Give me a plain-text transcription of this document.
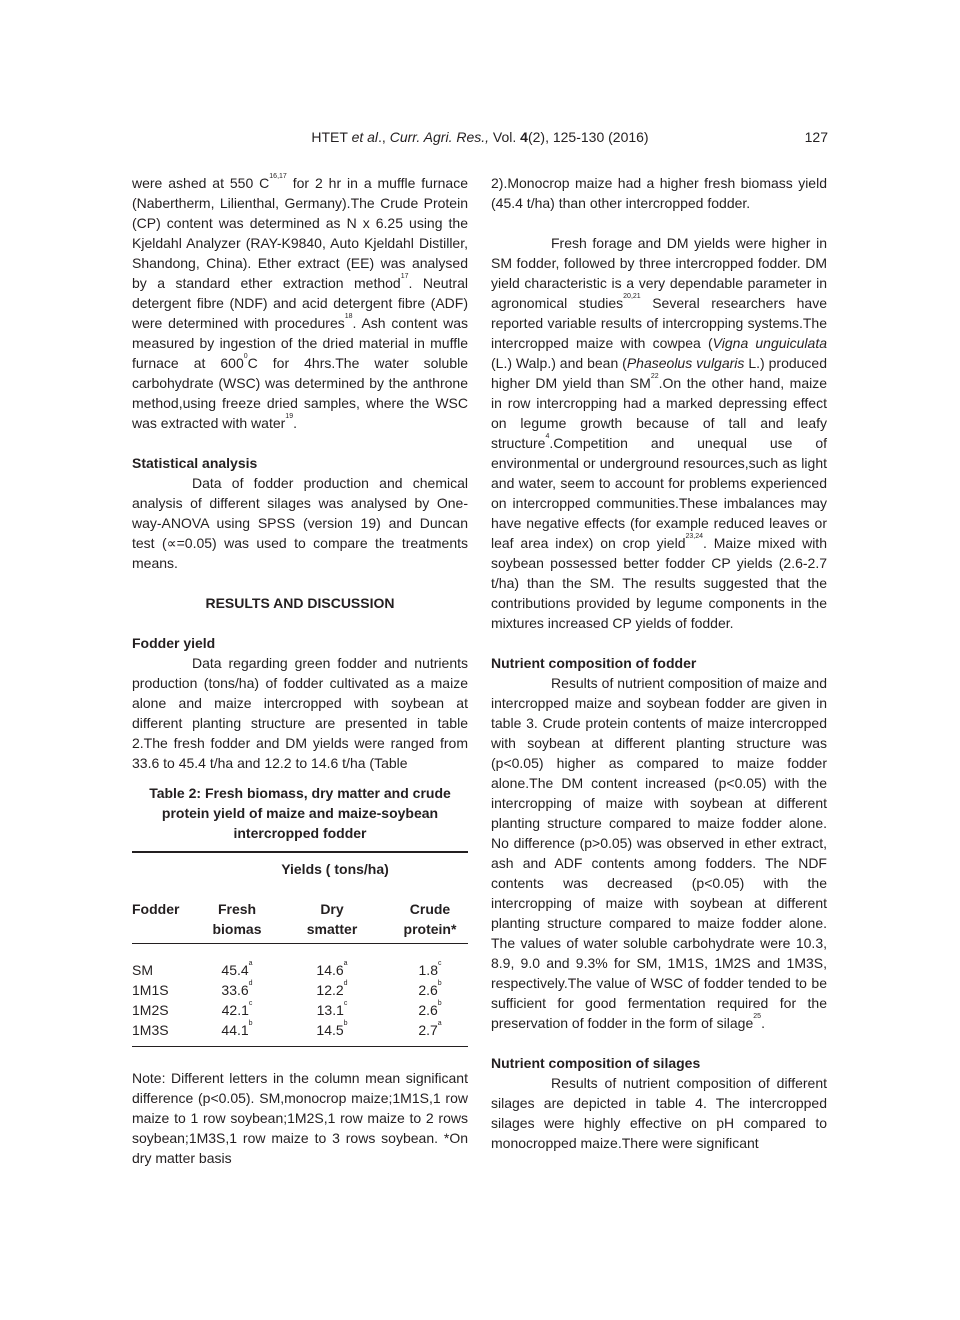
HTET et al., Curr. Agri. Res., Vol. 4(2), 125-130 (2016)	127

were ashed at 550 C$^{16,17}$ for 2 hr in a muffle furnace (Nabertherm, Lilienthal, Germany).The Crude Protein (CP) content was determined as N x 6.25 using the Kjeldahl Analyzer (RAY-K9840, Auto Kjeldahl Distiller, Shandong, China). Ether extract (EE) was analysed by a standard ether extraction method$^{17}$. Neutral detergent fibre (NDF) and acid detergent fibre (ADF) were determined with procedures$^{18}$. Ash content was measured by ingestion of the dried material in muffle furnace at $600^0C$ for 4hrs.The water soluble carbohydrate (WSC) was determined by the anthrone method,using freeze dried samples, where the WSC was extracted with water$^{19}$.

Statistical analysis

Data of fodder production and chemical analysis of different silages was analysed by One-way-ANOVA using SPSS (version 19) and Duncan test (∝=0.05) was used to compare the treatments means.

RESULTS AND DISCUSSION

Fodder yield

Data regarding green fodder and nutrients production (tons/ha) of fodder cultivated as a maize alone and maize intercropped with soybean at different planting structure are presented in table 2.The fresh fodder and DM yields were ranged from 33.6 to 45.4 t/ha and 12.2 to 14.6 t/ha (Table

Table 2: Fresh biomass, dry matter and crude protein yield of maize and maize-soybean intercropped fodder

	Yields ( tons/ha)		

Fodder	Fresh	Dry	Crude
	biomas	smatter	protein*

SM	45.4$^a$	14.6$^a$	1.8$^c$
1M1S	33.6$^d$	12.2$^d$	2.6$^b$
1M2S	42.1$^c$	13.1$^c$	2.6$^b$
1M3S	44.1$^b$	14.5$^b$	2.7$^a$

Note: Different letters in the column mean significant difference (p<0.05). SM,monocrop maize;1M1S,1 row maize to 1 row soybean;1M2S,1 row maize to 2 rows soybean;1M3S,1 row maize to 3 rows soybean. *On dry matter basis

2).Monocrop maize had a higher fresh biomass yield (45.4 t/ha) than other intercropped fodder.

Fresh forage and DM yields were higher in SM fodder, followed by three intercropped fodder. DM yield characteristic is a very dependable parameter in agronomical studies$^{20,21}$ Several researchers have reported variable results of intercropping systems.The intercropped maize with cowpea (Vigna unguiculata (L.) Walp.) and bean (Phaseolus vulgaris L.) produced higher DM yield than SM$^{22}$.On the other hand, maize in row intercropping had a marked depressing effect on legume growth because of tall and leafy structure$^4$.Competition and unequal use of environmental or underground resources,such as light and water, seem to account for problems experienced on intercropped communities.These imbalances may have negative effects (for example reduced leaves or leaf area index) on crop yield$^{23,24}$. Maize mixed with soybean possessed better fodder CP yields (2.6-2.7 t/ha) than the SM. The results suggested that the contributions provided by legume components in the mixtures increased CP yields of fodder.

Nutrient composition of fodder

Results of nutrient composition of maize and intercropped maize and soybean fodder are given in table 3. Crude protein contents of maize intercropped with soybean at different planting structure was (p<0.05) higher as compared to maize fodder alone.The DM content increased (p<0.05) with the intercropping of maize with soybean at different planting structure compared to maize fodder alone. No difference (p>0.05) was observed in ether extract, ash and ADF contents among fodders. The NDF contents was decreased (p<0.05) with the intercropping of maize with soybean at different planting structure compared to maize fodder alone. The values of water soluble carbohydrate were 10.3, 8.9, 9.0 and 9.3% for SM, 1M1S, 1M2S and 1M3S, respectively.The value of WSC of fodder tended to be sufficient for good fermentation required for the preservation of fodder in the form of silage$^{25}$.

Nutrient composition of silages

Results of nutrient composition of different silages are depicted in table 4. The intercropped silages were highly effective on pH compared to monocropped maize.There were significant
